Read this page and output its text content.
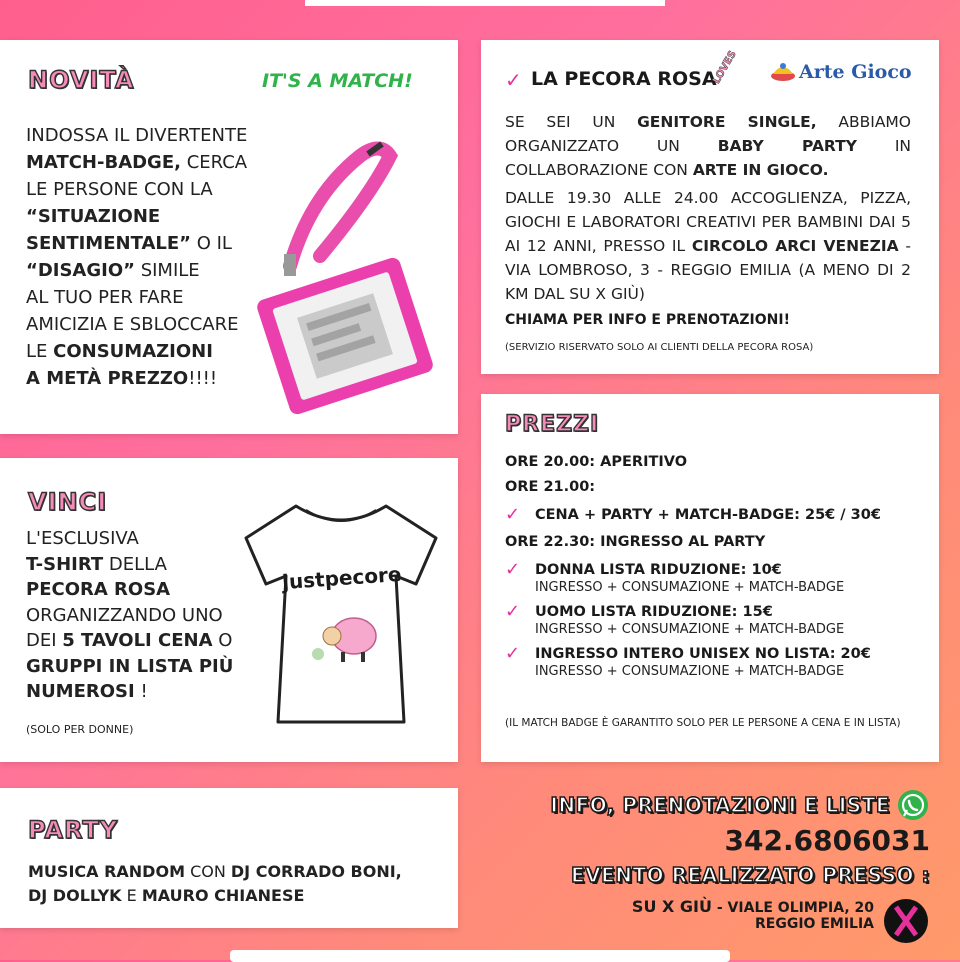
NOVITÀ	IT'S A MATCH!
INDOSSA IL DIVERTENTE
MATCH-BADGE, CERCA
LE PERSONE CON LA
“SITUAZIONE
SENTIMENTALE” O IL
“DISAGIO” SIMILE
AL TUO PER FARE
AMICIZIA E SBLOCCARE
LE CONSUMAZIONI
A METÀ PREZZO!!!!
✓ LA PECORA ROSA
LOVES	Arte Gioco
SE SEI UN GENITORE SINGLE, ABBIAMO ORGANIZZATO UN BABY PARTY IN COLLABORAZIONE CON ARTE IN GIOCO.
DALLE 19.30 ALLE 24.00 ACCOGLIENZA, PIZZA, GIOCHI E LABORATORI CREATIVI PER BAMBINI DAI 5 AI 12 ANNI, PRESSO IL CIRCOLO ARCI VENEZIA - VIA LOMBROSO, 3 - REGGIO EMILIA (A MENO DI 2 KM DAL SU X GIÙ)
CHIAMA PER INFO E PRENOTAZIONI!
(SERVIZIO RISERVATO SOLO AI CLIENTI DELLA PECORA ROSA)
VINCI
L'ESCLUSIVA
T-SHIRT DELLA
PECORA ROSA
ORGANIZZANDO UNO
DEI 5 TAVOLI CENA O
GRUPPI IN LISTA PIÙ
NUMEROSI !
(SOLO PER DONNE)
justpecore
PREZZI
ORE 20.00: APERITIVO
ORE 21.00:
✓	CENA + PARTY + MATCH-BADGE: 25€ / 30€
ORE 22.30: INGRESSO AL PARTY
✓	DONNA LISTA RIDUZIONE: 10€
INGRESSO + CONSUMAZIONE + MATCH-BADGE
✓	UOMO LISTA RIDUZIONE: 15€
INGRESSO + CONSUMAZIONE + MATCH-BADGE
✓	INGRESSO INTERO UNISEX NO LISTA: 20€
INGRESSO + CONSUMAZIONE + MATCH-BADGE
(IL MATCH BADGE È GARANTITO SOLO PER LE PERSONE A CENA E IN LISTA)
PARTY
MUSICA RANDOM CON DJ CORRADO BONI,
DJ DOLLYK E MAURO CHIANESE
INFO, PRENOTAZIONI E LISTE
342.6806031
EVENTO REALIZZATO PRESSO :
SU X GIÙ - VIALE OLIMPIA, 20
REGGIO EMILIA
